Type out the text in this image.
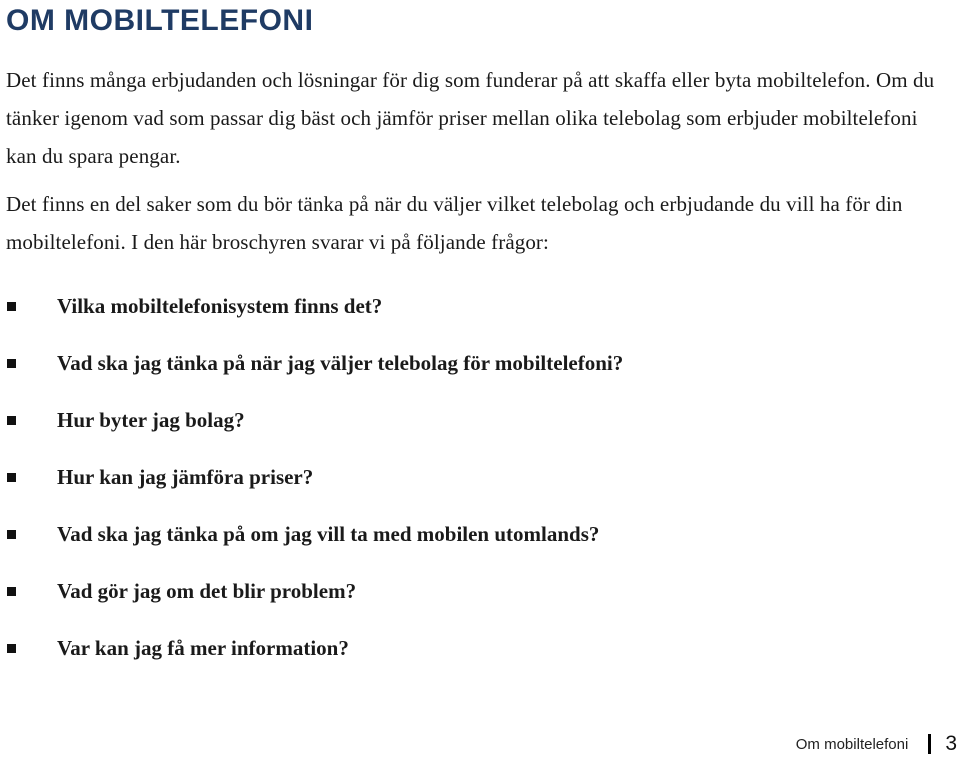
OM MOBILTELEFONI

Det finns många erbjudanden och lösningar för dig som funderar på att skaffa eller byta mobiltelefon. Om du tänker igenom vad som passar dig bäst och jämför priser mellan olika telebolag som erbjuder mobiltelefoni kan du spara pengar.

Det finns en del saker som du bör tänka på när du väljer vilket telebolag och erbjudande du vill ha för din mobiltelefoni. I den här broschyren svarar vi på följande frågor:

Vilka mobiltelefonisystem finns det?
Vad ska jag tänka på när jag väljer telebolag för mobiltelefoni?
Hur byter jag bolag?
Hur kan jag jämföra priser?
Vad ska jag tänka på om jag vill ta med mobilen utomlands?
Vad gör jag om det blir problem?
Var kan jag få mer information?
Om mobiltelefoni 3
